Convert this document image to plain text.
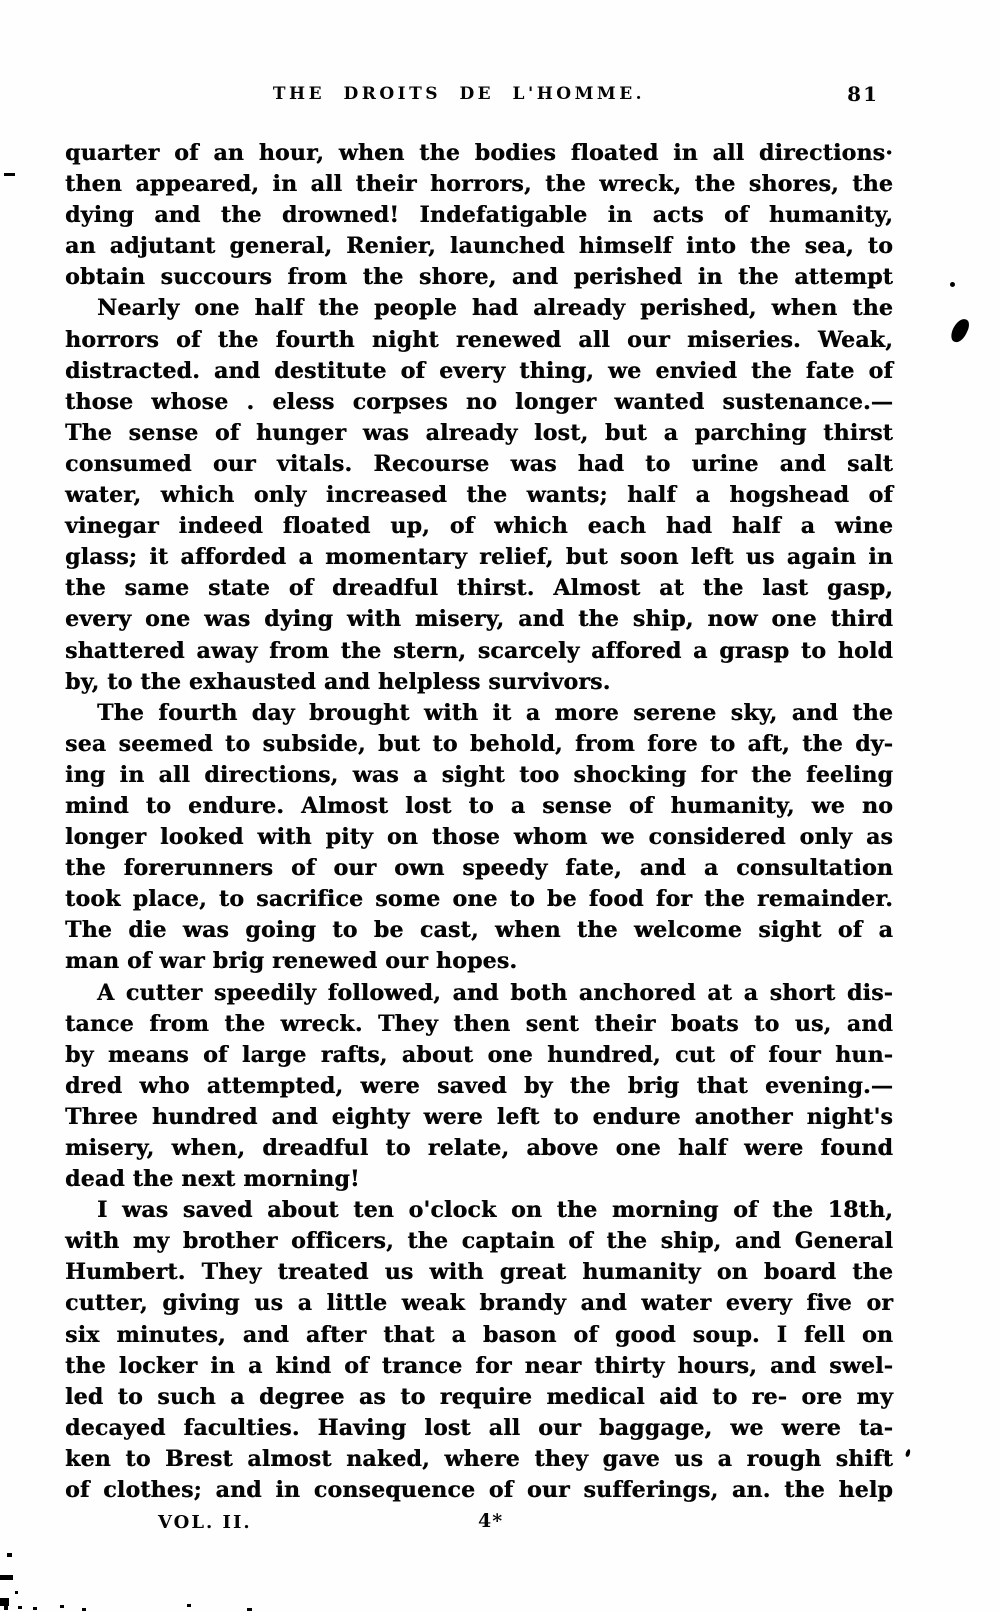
THE DROITS DE L'HOMME.	81
quarter of an hour, when the bodies floated in all directions·
then appeared, in all their horrors, the wreck, the shores, the
dying and the drowned! Indefatigable in acts of humanity,
an adjutant general, Renier, launched himself into the sea, to
obtain succours from the shore, and perished in the attempt
Nearly one half the people had already perished, when the
horrors of the fourth night renewed all our miseries. Weak,
distracted. and destitute of every thing, we envied the fate of
those whose . eless corpses no longer wanted sustenance.—
The sense of hunger was already lost, but a parching thirst
consumed our vitals. Recourse was had to urine and salt
water, which only increased the wants; half a hogshead of
vinegar indeed floated up, of which each had half a wine
glass; it afforded a momentary relief, but soon left us again in
the same state of dreadful thirst. Almost at the last gasp,
every one was dying with misery, and the ship, now one third
shattered away from the stern, scarcely affored a grasp to hold
by, to the exhausted and helpless survivors.
The fourth day brought with it a more serene sky, and the
sea seemed to subside, but to behold, from fore to aft, the dy-
ing in all directions, was a sight too shocking for the feeling
mind to endure. Almost lost to a sense of humanity, we no
longer looked with pity on those whom we considered only as
the forerunners of our own speedy fate, and a consultation
took place, to sacrifice some one to be food for the remainder.
The die was going to be cast, when the welcome sight of a
man of war brig renewed our hopes.
A cutter speedily followed, and both anchored at a short dis-
tance from the wreck. They then sent their boats to us, and
by means of large rafts, about one hundred, cut of four hun-
dred who attempted, were saved by the brig that evening.—
Three hundred and eighty were left to endure another night's
misery, when, dreadful to relate, above one half were found
dead the next morning!
I was saved about ten o'clock on the morning of the 18th,
with my brother officers, the captain of the ship, and General
Humbert. They treated us with great humanity on board the
cutter, giving us a little weak brandy and water every five or
six minutes, and after that a bason of good soup. I fell on
the locker in a kind of trance for near thirty hours, and swel-
led to such a degree as to require medical aid to re- ore my
decayed faculties. Having lost all our baggage, we were ta-
ken to Brest almost naked, where they gave us a rough shift
of clothes; and in consequence of our sufferings, an. the help
VOL. II.	4*
